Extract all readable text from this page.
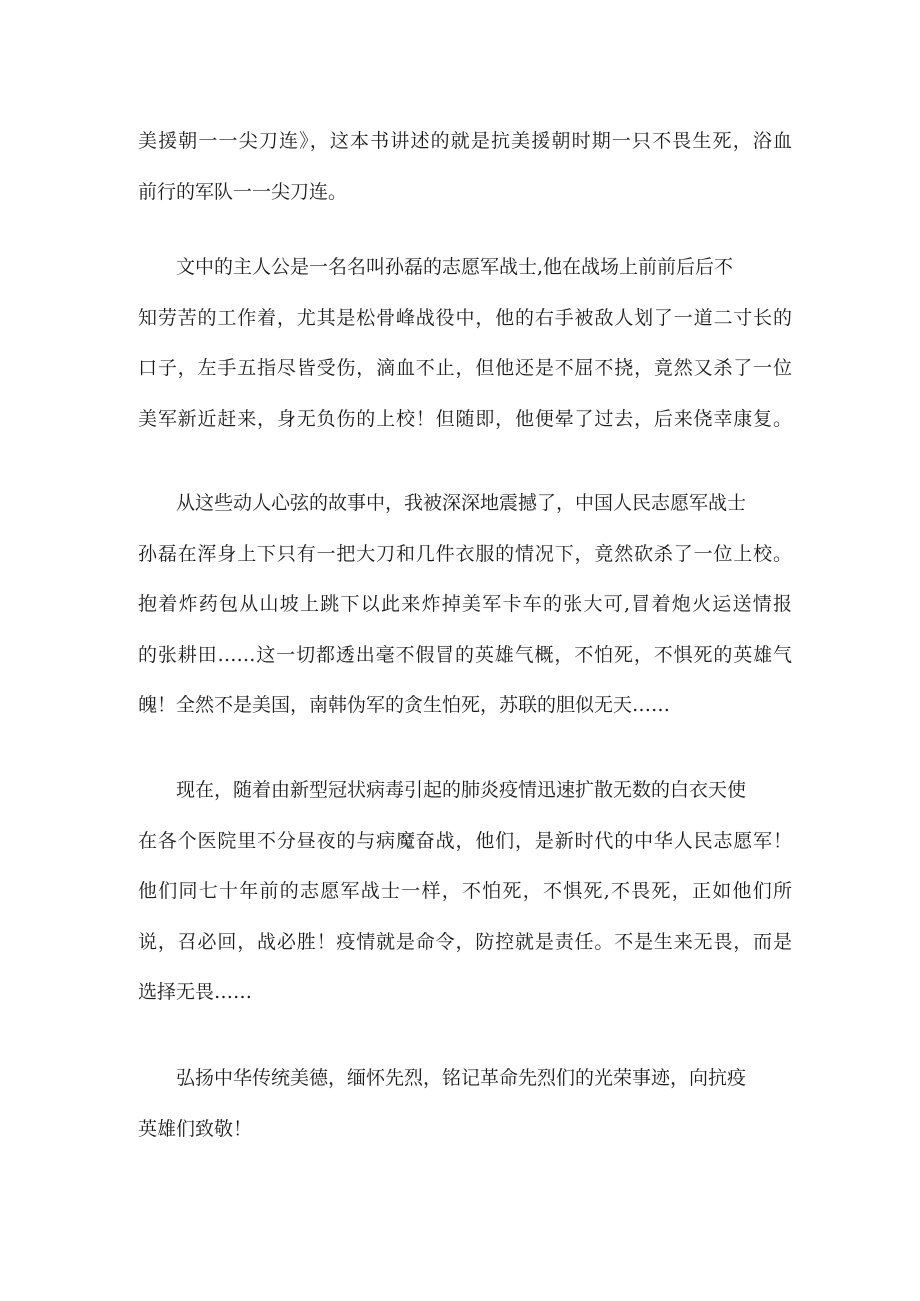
美援朝一一尖刀连》，这本书讲述的就是抗美援朝时期一只不畏生死，浴血
前行的军队一一尖刀连。
　　文中的主人公是一名名叫孙磊的志愿军战士,他在战场上前前后后不
知劳苦的工作着，尤其是松骨峰战役中，他的右手被敌人划了一道二寸长的
口子，左手五指尽皆受伤，滴血不止，但他还是不屈不挠，竟然又杀了一位
美军新近赶来，身无负伤的上校！但随即，他便晕了过去，后来侥幸康复。
　　从这些动人心弦的故事中，我被深深地震撼了，中国人民志愿军战士
孙磊在浑身上下只有一把大刀和几件衣服的情况下，竟然砍杀了一位上校。
抱着炸药包从山坡上跳下以此来炸掉美军卡车的张大可,冒着炮火运送情报
的张耕田……这一切都透出毫不假冒的英雄气概，不怕死，不惧死的英雄气
魄！全然不是美国，南韩伪军的贪生怕死，苏联的胆似无天……
　　现在，随着由新型冠状病毒引起的肺炎疫情迅速扩散无数的白衣天使
在各个医院里不分昼夜的与病魔奋战，他们，是新时代的中华人民志愿军！
他们同七十年前的志愿军战士一样，不怕死，不惧死,不畏死，正如他们所
说，召必回，战必胜！疫情就是命令，防控就是责任。不是生来无畏，而是
选择无畏……
　　弘扬中华传统美德，缅怀先烈，铭记革命先烈们的光荣事迹，向抗疫
英雄们致敬！
